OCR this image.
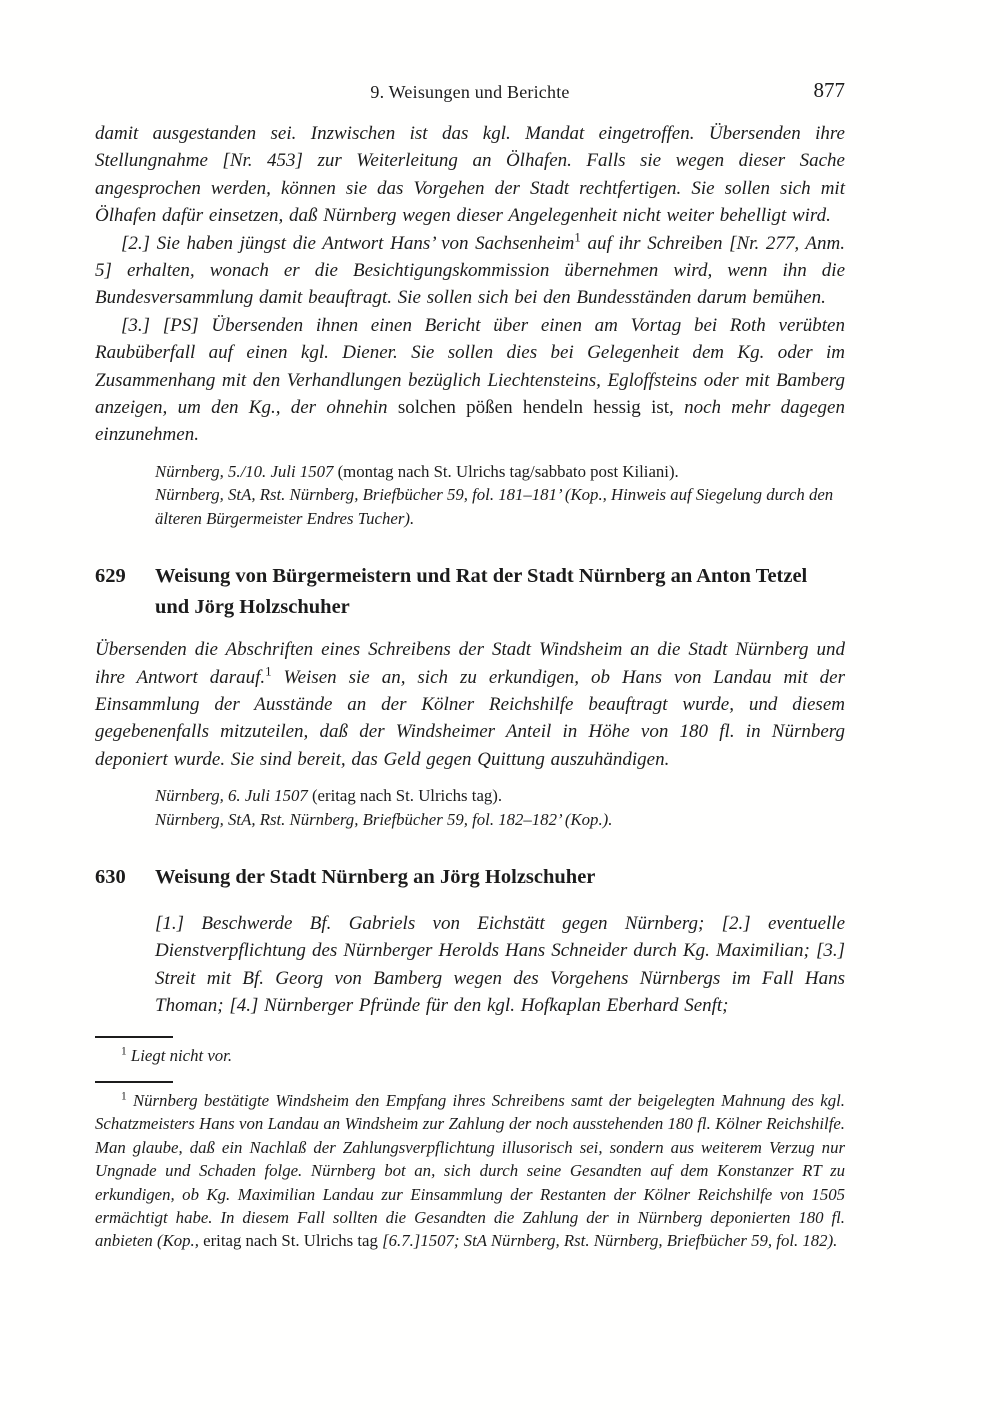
9. Weisungen und Berichte	877

damit ausgestanden sei. Inzwischen ist das kgl. Mandat eingetroffen. Übersenden ihre Stellungnahme [Nr. 453] zur Weiterleitung an Ölhafen. Falls sie wegen dieser Sache angesprochen werden, können sie das Vorgehen der Stadt rechtfertigen. Sie sollen sich mit Ölhafen dafür einsetzen, daß Nürnberg wegen dieser Angelegenheit nicht weiter behelligt wird.

[2.] Sie haben jüngst die Antwort Hans’ von Sachsenheim$^1$ auf ihr Schreiben [Nr. 277, Anm. 5] erhalten, wonach er die Besichtigungskommission übernehmen wird, wenn ihn die Bundesversammlung damit beauftragt. Sie sollen sich bei den Bundesständen darum bemühen.

[3.] [PS] Übersenden ihnen einen Bericht über einen am Vortag bei Roth verübten Raubüberfall auf einen kgl. Diener. Sie sollen dies bei Gelegenheit dem Kg. oder im Zusammenhang mit den Verhandlungen bezüglich Liechtensteins, Egloffsteins oder mit Bamberg anzeigen, um den Kg., der ohnehin solchen pößen hendeln hessig ist, noch mehr dagegen einzunehmen.

Nürnberg, 5./10. Juli 1507 (montag nach St. Ulrichs tag/sabbato post Kiliani).

Nürnberg, StA, Rst. Nürnberg, Briefbücher 59, fol. 181–181’ (Kop., Hinweis auf Siegelung durch den älteren Bürgermeister Endres Tucher).

629	Weisung von Bürgermeistern und Rat der Stadt Nürnberg an Anton Tetzel und Jörg Holzschuher

Übersenden die Abschriften eines Schreibens der Stadt Windsheim an die Stadt Nürnberg und ihre Antwort darauf.$^1$ Weisen sie an, sich zu erkundigen, ob Hans von Landau mit der Einsammlung der Ausstände an der Kölner Reichshilfe beauftragt wurde, und diesem gegebenenfalls mitzuteilen, daß der Windsheimer Anteil in Höhe von 180 fl. in Nürnberg deponiert wurde. Sie sind bereit, das Geld gegen Quittung auszuhändigen.

Nürnberg, 6. Juli 1507 (eritag nach St. Ulrichs tag).

Nürnberg, StA, Rst. Nürnberg, Briefbücher 59, fol. 182–182’ (Kop.).

630	Weisung der Stadt Nürnberg an Jörg Holzschuher

[1.] Beschwerde Bf. Gabriels von Eichstätt gegen Nürnberg; [2.] eventuelle Dienstverpflichtung des Nürnberger Herolds Hans Schneider durch Kg. Maximilian; [3.] Streit mit Bf. Georg von Bamberg wegen des Vorgehens Nürnbergs im Fall Hans Thoman; [4.] Nürnberger Pfründe für den kgl. Hofkaplan Eberhard Senft;

$^1$ Liegt nicht vor.

$^1$ Nürnberg bestätigte Windsheim den Empfang ihres Schreibens samt der beigelegten Mahnung des kgl. Schatzmeisters Hans von Landau an Windsheim zur Zahlung der noch ausstehenden 180 fl. Kölner Reichshilfe. Man glaube, daß ein Nachlaß der Zahlungsverpflichtung illusorisch sei, sondern aus weiterem Verzug nur Ungnade und Schaden folge. Nürnberg bot an, sich durch seine Gesandten auf dem Konstanzer RT zu erkundigen, ob Kg. Maximilian Landau zur Einsammlung der Restanten der Kölner Reichshilfe von 1505 ermächtigt habe. In diesem Fall sollten die Gesandten die Zahlung der in Nürnberg deponierten 180 fl. anbieten (Kop., eritag nach St. Ulrichs tag [6.7.]1507; StA Nürnberg, Rst. Nürnberg, Briefbücher 59, fol. 182).
